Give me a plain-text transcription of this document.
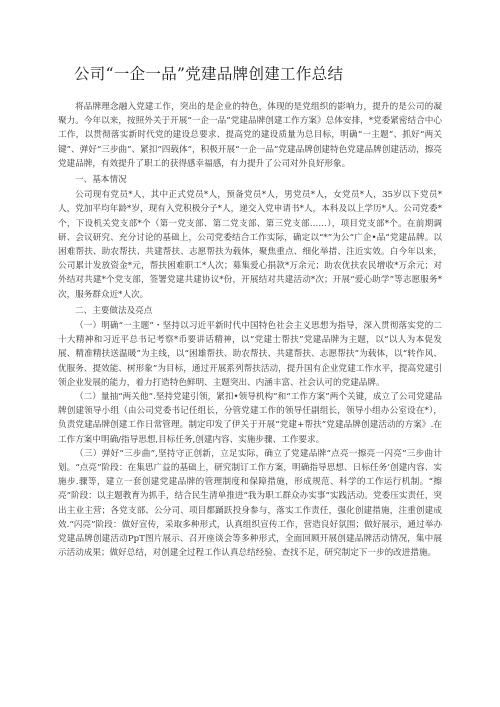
公司“一企一品”党建品牌创建工作总结

将品牌理念融入党建工作，突出的是企业的特色，体现的是党组织的影响力，提升的是公司的凝聚力。今年以来，按照外关于开展“一企一品”党建品牌创建工作方案》总体安排，*党委紧密结合中心工作，以贯彻落实新时代党的建设总要求、提高党的建设质量为总目标，明确“一主题”、抓好“两关键”、弹好“三步曲”、紧扣“四载体”，积极开展“一企一品”党建品牌创建特色党建品牌创建活动，擦亮党建品牌，有效提升了职工的获得感幸福感，有力提升了公司对外良好形象。

一、基本情况

公司现有党员*人，其中正式党员*人，预备党员*人，男党员*人，女党员*人，35岁以下党员*人，党加平均年龄*岁，现有入党积极分子*人，递交入党申请书*人，本科及以上学历*人。公司党委*个，下设机关党支部*个（第一党支部、第二党支部、第三党支部……），项目党支部*个。在前期调研、会议研究、充分讨论的基础上，公司党委结合工作实际，确定以“*”为公“广企•品”党建品牌。以困难帮扶、助农帮扶、共建帮扶、志愿帮扶为载体，聚焦重点、细化举措、注近实效。白今年以来，公司累计发放资金*元，帮扶困难职工*人次；募集爱心捐款*万余元；助农优扶农民增收*万余元；对外结对共建*个党支部，签署党建共建协议*份，开展结对共建活动*次；开展“爱心助学”等志愿服务*次，服务群众近*人次。

二、主要做法及亮点

（一）明确“一主题”・坚持以习近平新时代中国特色社会主义思想为指导，深入贯彻落实党的二十大精神和习近平总书记考察*币要讲话精神，以“党建士帮扶”党建品牌为主题，以“以人为本促发展、精准精扶送温暖”为主线，以“困雄帮扶、助农帮扶、共建帮扶、志愿帮扶”为载体，以“转作风、优服务、提效能、树形象”为目标，通过开展系列帮扶活动，提升国有企业党建工作水平，提高党建引领企业发展的能力，着力打造特色鲜明、主题突出、内涵丰富、社会认可的党建品牌。

（二）量抽“两关他”.坚持党建引领，紧扣•领导机构”和“工作方案”两个关键，成立了公司党建品牌创建领导小组（由公司党委书记任组长，分管党建工作的领导任副组长，领导小组办公室设在*），负责党建品牌创建工作日常管理。制定印发了伊关于开展“党建+帮扶”党建品牌创建活动的方案》.在工作方案中明确/指导思想,目标任务,创建内容、实施步骤、工作要求。

（三）弹好“三步曲”,坚持守正创新，立足实际，确立了党建品牌“点亮一擦亮一闪亮”三步曲计划。“点亮”阶段：在集思广益的基础上，研究制订工作方案，明确指导思想、日标任务’创建内容、实施步.骤等，建立一套创建党建品牌的管理制度和保障措施，形成规范、科学的工作运行机制。“擦亮”阶段：以主题教育为抓手，结合民生清单推进“我为职工群众办实事”实践活动。党委压实责任，突出主业主营；各党支部、公分司、项目都踊跃投身参与，落实工作责任，强化创建措施，注重创建成效.“闪亮”阶段：做好宣传，采取多种形式，认真组织宣传工作，营造良好氛围；做好展示，通过举办党建品牌创建活动PpT图片展示、召开座谈会等多种形式，全面回顾开展创建品牌活动情况，集中展示活动成果；做好总结，对创建全过程工作认真总结经验、查找不足，研究制定下一步的改进措施。
